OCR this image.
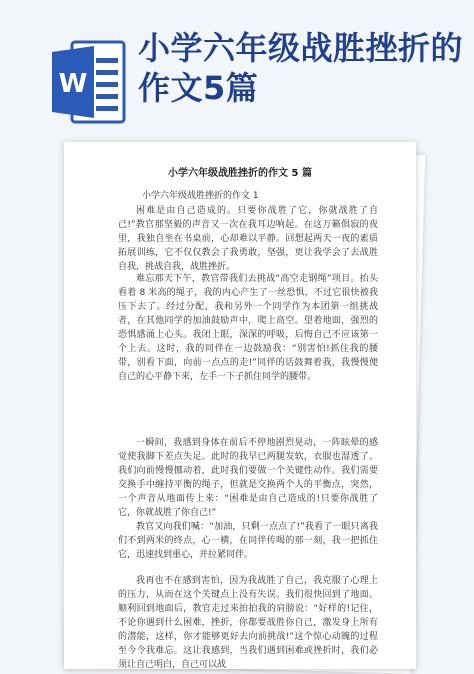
W
小学六年级战胜挫折的作文5篇
小学六年级战胜挫折的作文 5 篇
小学六年级战胜挫折的作文 1

困难是由自己造成的。只要你战胜了它，你就战胜了自己!”教官那坚毅的声音又一次在我耳边响起。在这万籁俱寂的夜里，我独自坐在书桌前，心却难以平静。回想起两天一夜的素质拓展训练，它不仅仅教会了我勇敢，坚强，更让我学会了去战胜自我，挑战自我，战胜挫折。

难忘那天下午，教官带我们去挑战“高空走钢绳”项目。抬头看着 8 米高的绳子，我的内心产生了一丝恐惧，不过它很快被我压下去了。经过分配，我和另外一个同学作为本团第一组挑战者，在其他同学的加油鼓励声中，爬上高空。望着地面，强烈的恐惧感涌上心头。我闭上眼，深深的呼吸，后悔自己不应该第一个上去。这时，我的同伴在一边鼓励我：“别害怕!抓住我的腰带，别看下面，向前一点点的走!”同伴的话鼓舞着我，我慢慢便自己的心平静下来，左手一下子抓住同学的腰带。

一瞬间，我感到身体在前后不停地剧烈晃动，一阵眩晕的感觉使我脚下差点失足。此时的我早已两腿发软，衣服也湿透了。我们向前慢慢挪动着，此时我们要做一个关键性动作。我们需要交换手中缠持平衡的绳子，但就是交换两个人的平衡点，突然，一个声音从地面传上来：“困难是由自己造成的!只要你战胜了它，你就战胜了你自己!”

教官又向我们喊：“加油，只剩一点点了!”我看了一眼只离我们不到两米的终点，心一横，在同伴传喝的那一刻，我一把抓住它，迅速找到重心，并拉紧同伴。

我再也不在感到害怕，因为我战胜了自己，我克服了心理上的压力，从而在这个关键点上没有失误。我们很快回到了地面。顺利回到地面后，教官走过来拍拍我的肩膀说：“好样的!记住，不论你遇到什么困难，挫折，你都要战胜你自己，激发身上所有的潜能，这样，你才能够更好去向前挑战!”这个惊心动魄的过程至今令我难忘。这让我感到，当我们遇到困难或挫折时，我们必须让自己明白，自己可以战
